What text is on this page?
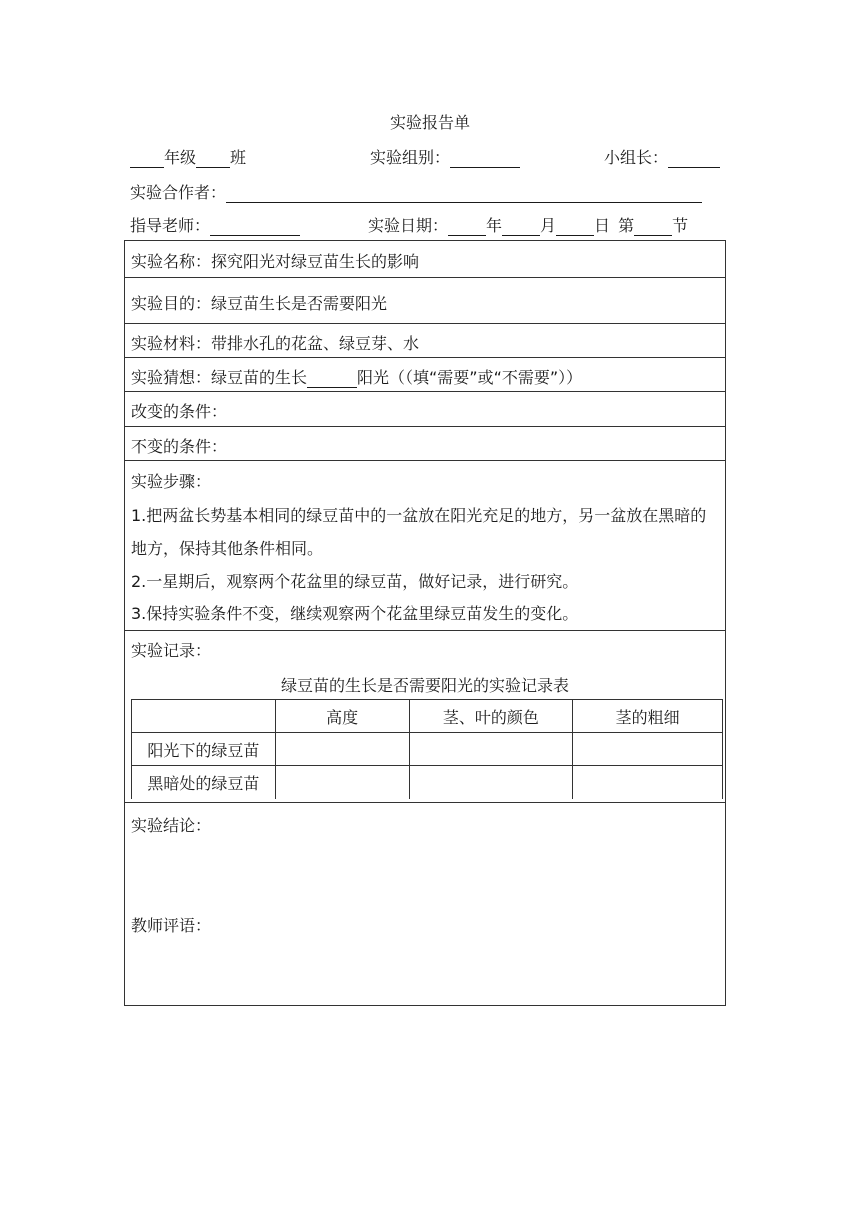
实验报告单
年级 班	实验组别：	小组长：
实验合作者：
指导老师：	实验日期： 年 月 日 第 节
实验名称：探究阳光对绿豆苗生长的影响
实验目的：绿豆苗生长是否需要阳光
实验材料：带排水孔的花盆、绿豆芽、水
实验猜想：绿豆苗的生长	阳光（（填“需要”或“不需要”））
改变的条件：
不变的条件：
实验步骤：
1.把两盆长势基本相同的绿豆苗中的一盆放在阳光充足的地方，另一盆放在黑暗的地方，保持其他条件相同。
2.一星期后，观察两个花盆里的绿豆苗，做好记录，进行研究。
3.保持实验条件不变，继续观察两个花盆里绿豆苗发生的变化。
实验记录：
绿豆苗的生长是否需要阳光的实验记录表
	高度	茎、叶的颜色	茎的粗细
阳光下的绿豆苗			
黑暗处的绿豆苗			
实验结论：
教师评语：
